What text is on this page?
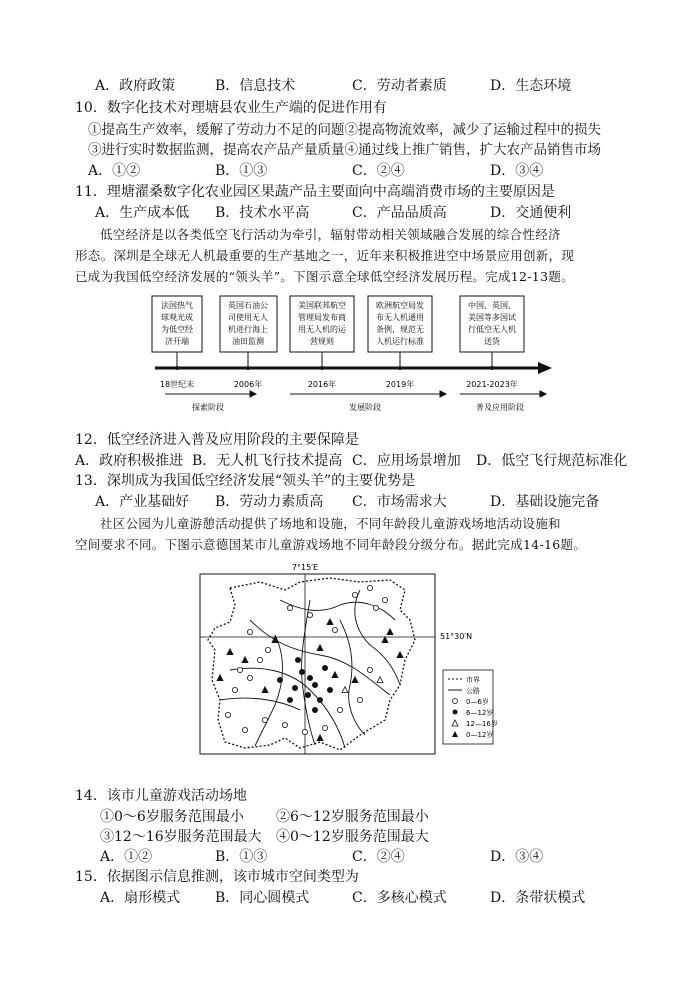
A．政府政策	B．信息技术	C．劳动者素质	D．生态环境
10．数字化技术对理塘县农业生产端的促进作用有
①提高生产效率，缓解了劳动力不足的问题②提高物流效率，减少了运输过程中的损失
③进行实时数据监测，提高农产品产量质量④通过线上推广销售，扩大农产品销售市场
A．①②	B．①③	C．②④	D．③④
11．理塘濯桑数字化农业园区果蔬产品主要面向中高端消费市场的主要原因是
A．生产成本低 B．技术水平高	C．产品品质高	D．交通便利
低空经济是以各类低空飞行活动为牵引，辐射带动相关领域融合发展的综合性经济
形态。深圳是全球无人机最重要的生产基地之一，近年来积极推进空中场景应用创新，现
已成为我国低空经济发展的“领头羊”。下图示意全球低空经济发展历程。完成12-13题。
法国热气
球观光成
为低空经
济开端
英国石油公
司使用无人
机进行海上
油田监测
美国联邦航空
管理局发布商
用无人机的运
营规则
欧洲航空局发
布无人机通用
条例，规范无
人机运行标准
中国、英国、
美国等多国试
行低空无人机
送货
18世纪末	2006年	2016年	2019年	2021-2023年
探索阶段	发展阶段	普及应用阶段
12．低空经济进入普及应用阶段的主要保障是
A．政府积极推进 B．无人机飞行技术提高 C．应用场景增加 D．低空飞行规范标准化
13．深圳成为我国低空经济发展“领头羊”的主要优势是
A．产业基础好 B．劳动力素质高 C．市场需求大	D．基础设施完备
社区公园为儿童游憩活动提供了场地和设施，不同年龄段儿童游戏场地活动设施和
空间要求不同。下图示意德国某市儿童游戏场地不同年龄段分级分布。据此完成14-16题。
7°15′E
51°30′N
市界
公路
0—6岁
6—12岁
12—16岁
0—12岁
14．该市儿童游戏活动场地
①0～6岁服务范围最小 ②6～12岁服务范围最小
③12～16岁服务范围最大 ④0～12岁服务范围最大
A．①②	B．①③	C．②④	D．③④
15．依据图示信息推测，该市城市空间类型为
A．扇形模式 B．同心圆模式	C．多核心模式	D．条带状模式
